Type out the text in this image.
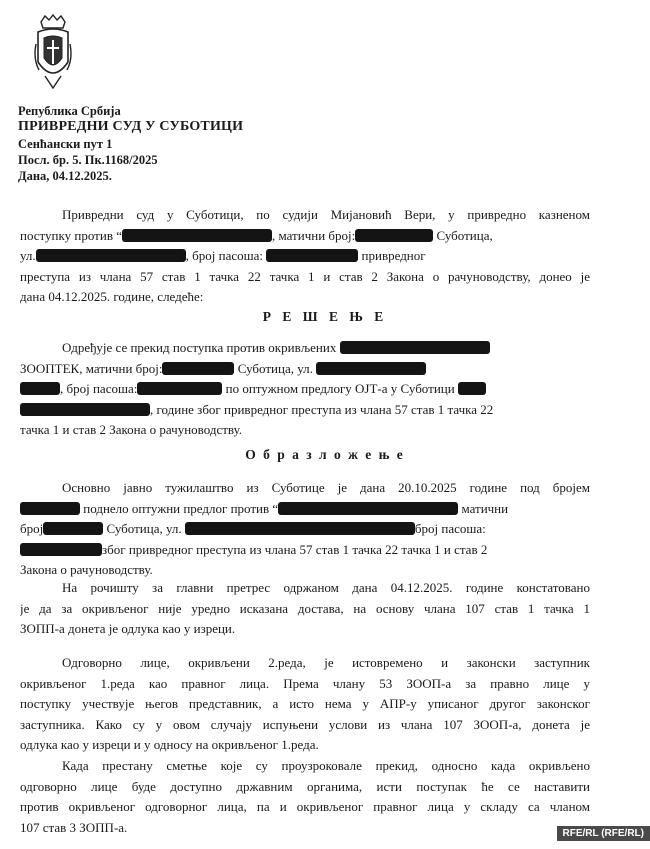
Република Србија
ПРИВРЕДНИ СУД У СУБОТИЦИ
Сенћански пут 1
Посл. бр. 5. Пк.1168/2025
Дана, 04.12.2025.
Привредни суд у Суботици, по судији Мијановић Вери, у привредно казненом
поступку против “	, матични број:	Суботица,
ул.	, број пасоша:	привредног
преступа из члана 57 став 1 тачка 22 тачка 1 и став 2 Закона о рачуноводству, донео је
дана 04.12.2025. године, следеће:
Р Е Ш Е Њ Е
Одређује се прекид поступка против окривљених
ЗООПТЕК, матични број:	Суботица, ул.
, број пасоша:	по оптужном предлогу ОЈТ-а у Суботици
, године због привредног преступа из члана 57 став 1 тачка 22
тачка 1 и став 2 Закона о рачуноводству.
О б р а з л о ж е њ е
Основно јавно тужилаштво из Суботице је дана 20.10.2025 године под бројем
поднело оптужни предлог против “	матични
број	Суботица, ул.	број пасоша:
због привредног преступа из члана 57 став 1 тачка 22 тачка 1 и став 2
Закона о рачуноводству.
На рочишту за главни претрес одржаном дана 04.12.2025. године констатовано
је да за окривљеног није уредно исказана достава, на основу члана 107 став 1 тачка 1
ЗОПП-а донета је одлука као у изреци.
Одговорно лице, окривљени 2.реда, је истовремено и законски заступник
окривљеног 1.реда као правног лица. Према члану 53 ЗООП-а за правно лице у
поступку учествује његов представник, а исто нема у АПР-у уписаног другог законског
заступника. Како су у овом случају испуњени услови из члана 107 ЗООП-а, донета је
одлука као у изреци и у односу на окривљеног 1.реда.
Када престану сметње које су проузроковале прекид, односно када окривљено
одговорно лице буде доступно државним органима, исти поступак ће се наставити
против окривљеног одговорног лица, па и окривљеног правног лица у складу са чланом
107 став 3 ЗОПП-а.	RFE/RL (RFE/RL)
